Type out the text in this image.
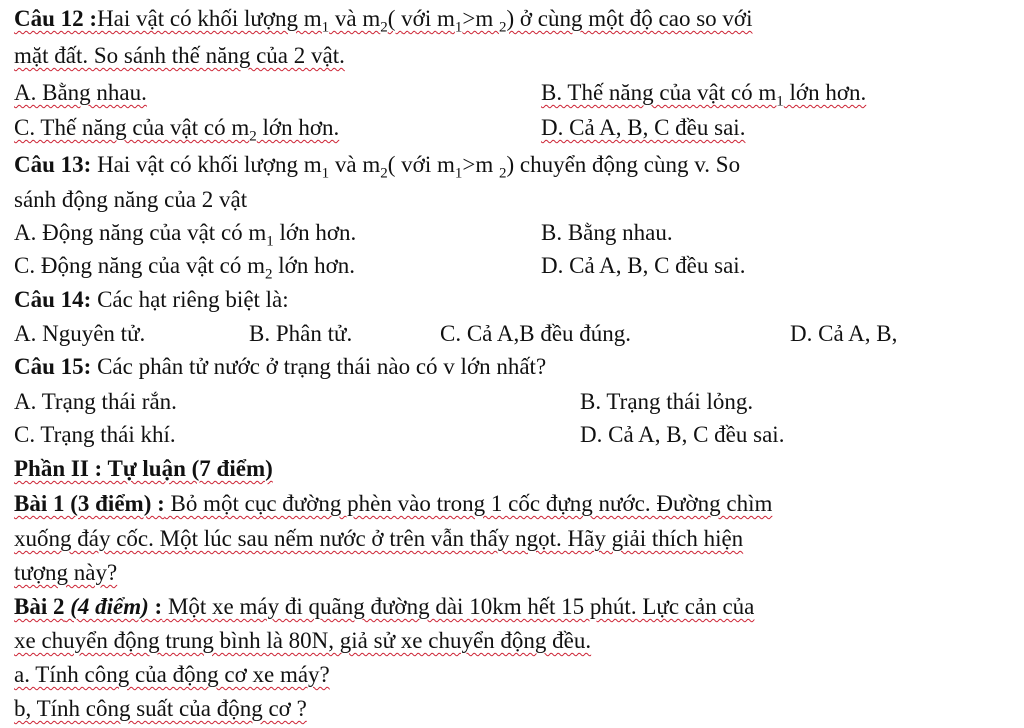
Câu 12 :Hai vật có khối lượng $m_1$ và $m_2$( với $m_1>m$ $_2$) ở cùng một độ cao so với
mặt đất. So sánh thế năng của 2 vật.
A. Bằng nhau.	B. Thế năng của vật có $m_1$ lớn hơn.
C. Thế năng của vật có $m_2$ lớn hơn.	D. Cả A, B, C đều sai.
Câu 13: Hai vật có khối lượng $m_1$ và $m_2$( với $m_1>m$ $_2$) chuyển động cùng v. So
sánh động năng của 2 vật
A. Động năng của vật có $m_1$ lớn hơn.	B. Bằng nhau.
C. Động năng của vật có $m_2$ lớn hơn.	D. Cả A, B, C đều sai.
Câu 14: Các hạt riêng biệt là:
A. Nguyên tử.	B. Phân tử.	C. Cả A,B đều đúng.	D. Cả A, B,
Câu 15: Các phân tử nước ở trạng thái nào có v lớn nhất?
A. Trạng thái rắn.	B. Trạng thái lỏng.
C. Trạng thái khí.	D. Cả A, B, C đều sai.
Phần II : Tự luận (7 điểm)
Bài 1 (3 điểm) : Bỏ một cục đường phèn vào trong 1 cốc đựng nước. Đường chìm
xuống đáy cốc. Một lúc sau nếm nước ở trên vẫn thấy ngọt. Hãy giải thích hiện
tượng này?
Bài 2 (4 điểm) : Một xe máy đi quãng đường dài 10km hết 15 phút. Lực cản của
xe chuyển động trung bình là 80N, giả sử xe chuyển động đều.
a. Tính công của động cơ xe máy?
b, Tính công suất của động cơ ?
